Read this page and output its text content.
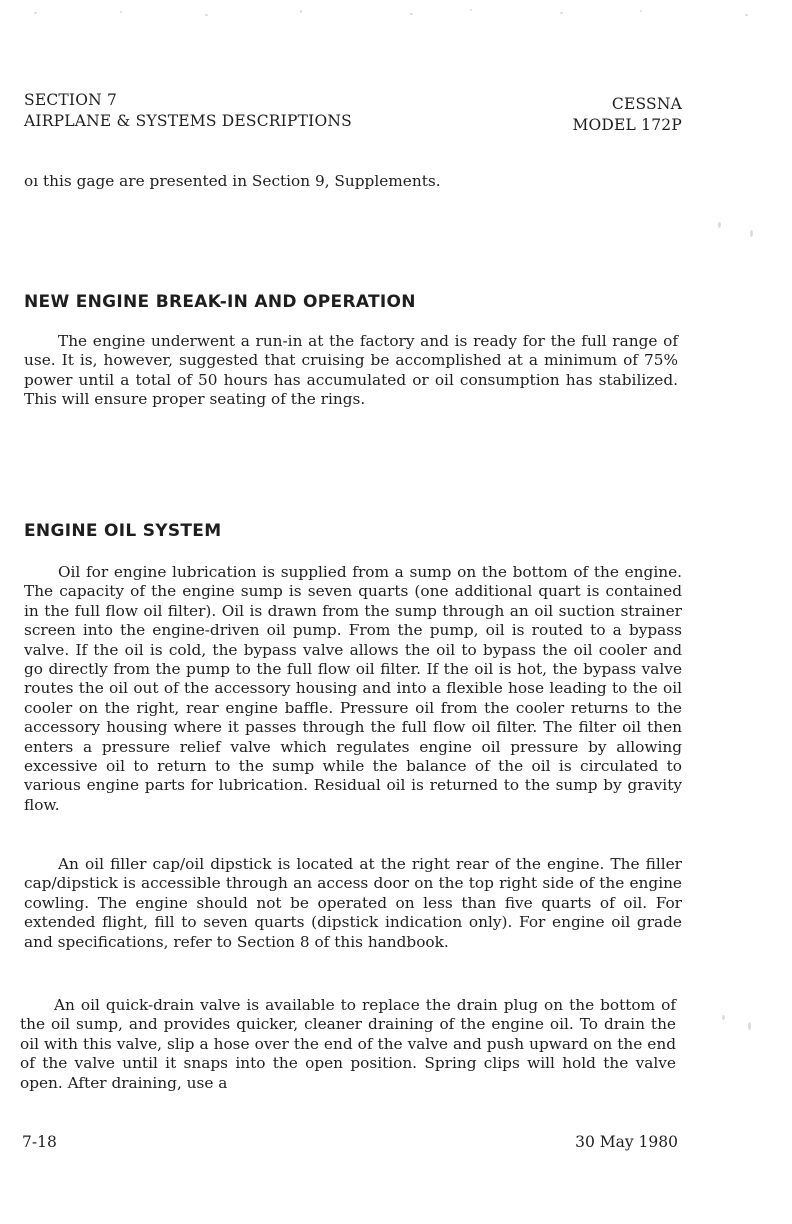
SECTION 7
AIRPLANE & SYSTEMS DESCRIPTIONS
CESSNA
MODEL 172P

oı this gage are presented in Section 9, Supplements.

NEW ENGINE BREAK-IN AND OPERATION

The engine underwent a run-in at the factory and is ready for the full range of use. It is, however, suggested that cruising be accomplished at a minimum of 75% power until a total of 50 hours has accumulated or oil consumption has stabilized. This will ensure proper seating of the rings.

ENGINE OIL SYSTEM

Oil for engine lubrication is supplied from a sump on the bottom of the engine. The capacity of the engine sump is seven quarts (one additional quart is contained in the full flow oil filter). Oil is drawn from the sump through an oil suction strainer screen into the engine-driven oil pump. From the pump, oil is routed to a bypass valve. If the oil is cold, the bypass valve allows the oil to bypass the oil cooler and go directly from the pump to the full flow oil filter. If the oil is hot, the bypass valve routes the oil out of the accessory housing and into a flexible hose leading to the oil cooler on the right, rear engine baffle. Pressure oil from the cooler returns to the accessory housing where it passes through the full flow oil filter. The filter oil then enters a pressure relief valve which regulates engine oil pressure by allowing excessive oil to return to the sump while the balance of the oil is circulated to various engine parts for lubrication. Residual oil is returned to the sump by gravity flow.

An oil filler cap/oil dipstick is located at the right rear of the engine. The filler cap/dipstick is accessible through an access door on the top right side of the engine cowling. The engine should not be operated on less than five quarts of oil. For extended flight, fill to seven quarts (dipstick indication only). For engine oil grade and specifications, refer to Section 8 of this handbook.

An oil quick-drain valve is available to replace the drain plug on the bottom of the oil sump, and provides quicker, cleaner draining of the engine oil. To drain the oil with this valve, slip a hose over the end of the valve and push upward on the end of the valve until it snaps into the open position. Spring clips will hold the valve open. After draining, use a

7-18	30 May 1980
